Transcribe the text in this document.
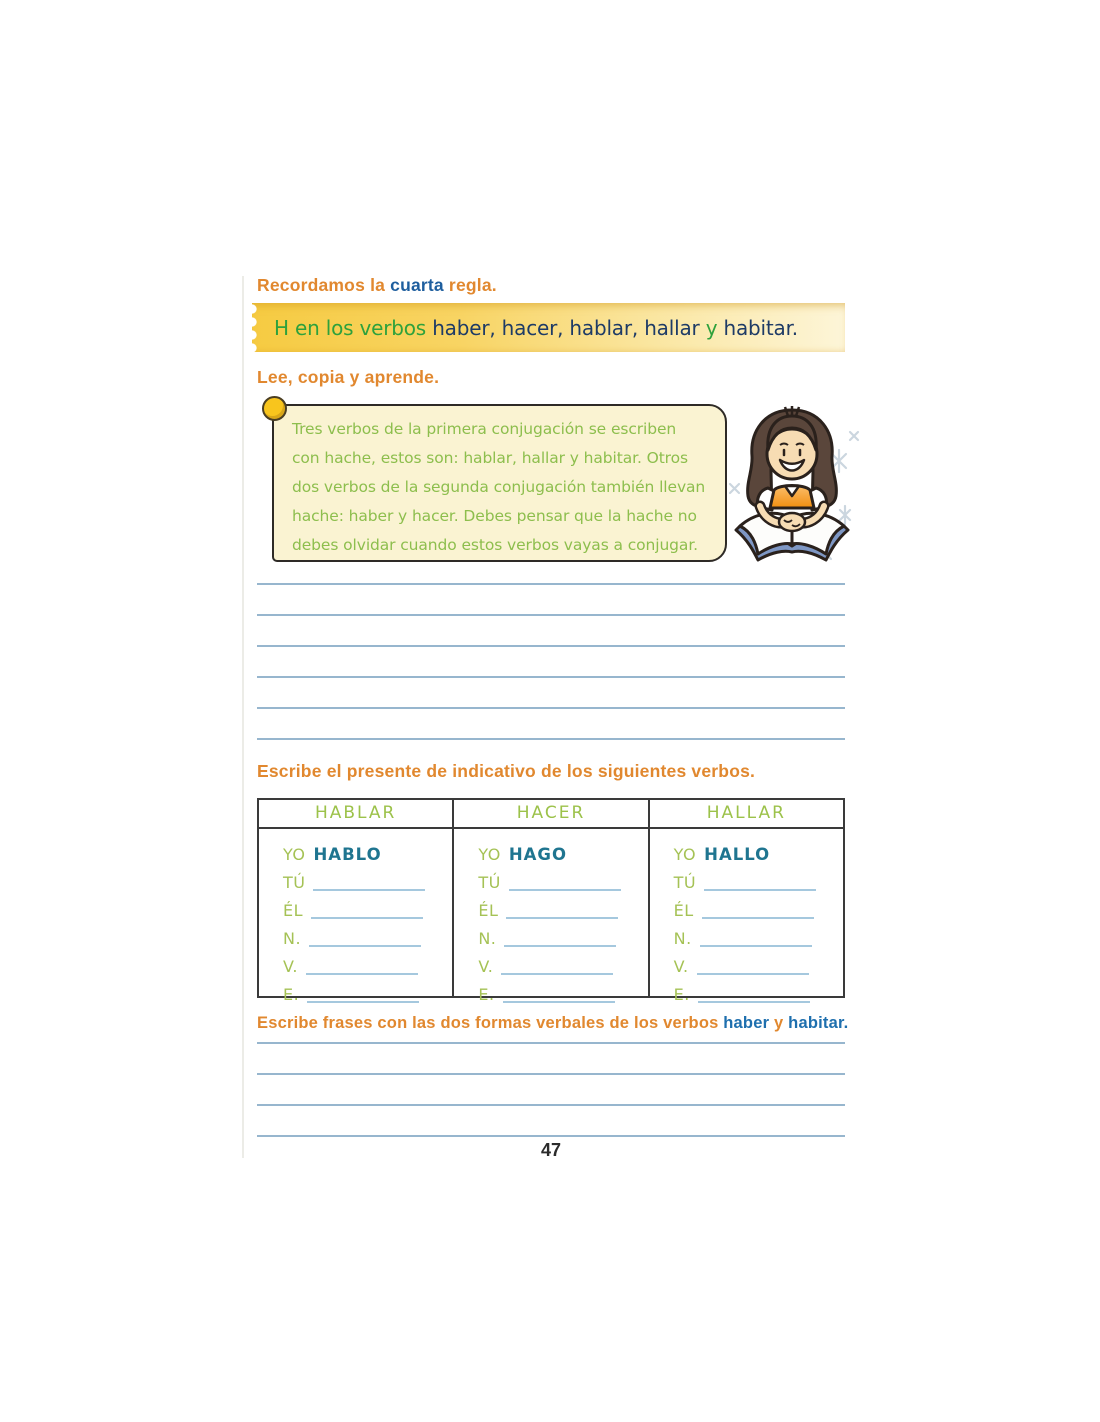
Recordamos la cuarta regla.
H en los verbos haber, hacer, hablar, hallar y habitar.
Lee, copia y aprende.

Tres verbos de la primera conjugación se escriben con hache, estos son: hablar, hallar y habitar. Otros dos verbos de la segunda conjugación también llevan hache: haber y hacer. Debes pensar que la hache no debes olvidar cuando estos verbos vayas a conjugar.

Escribe el presente de indicativo de los siguientes verbos.
HABLAR
YO HABLO
TÚ
ÉL
N.
V.
E.
HACER
YO HAGO
TÚ
ÉL
N.
V.
E.
HALLAR
YO HALLO
TÚ
ÉL
N.
V.
E.
Escribe frases con las dos formas verbales de los verbos haber y habitar.
47
